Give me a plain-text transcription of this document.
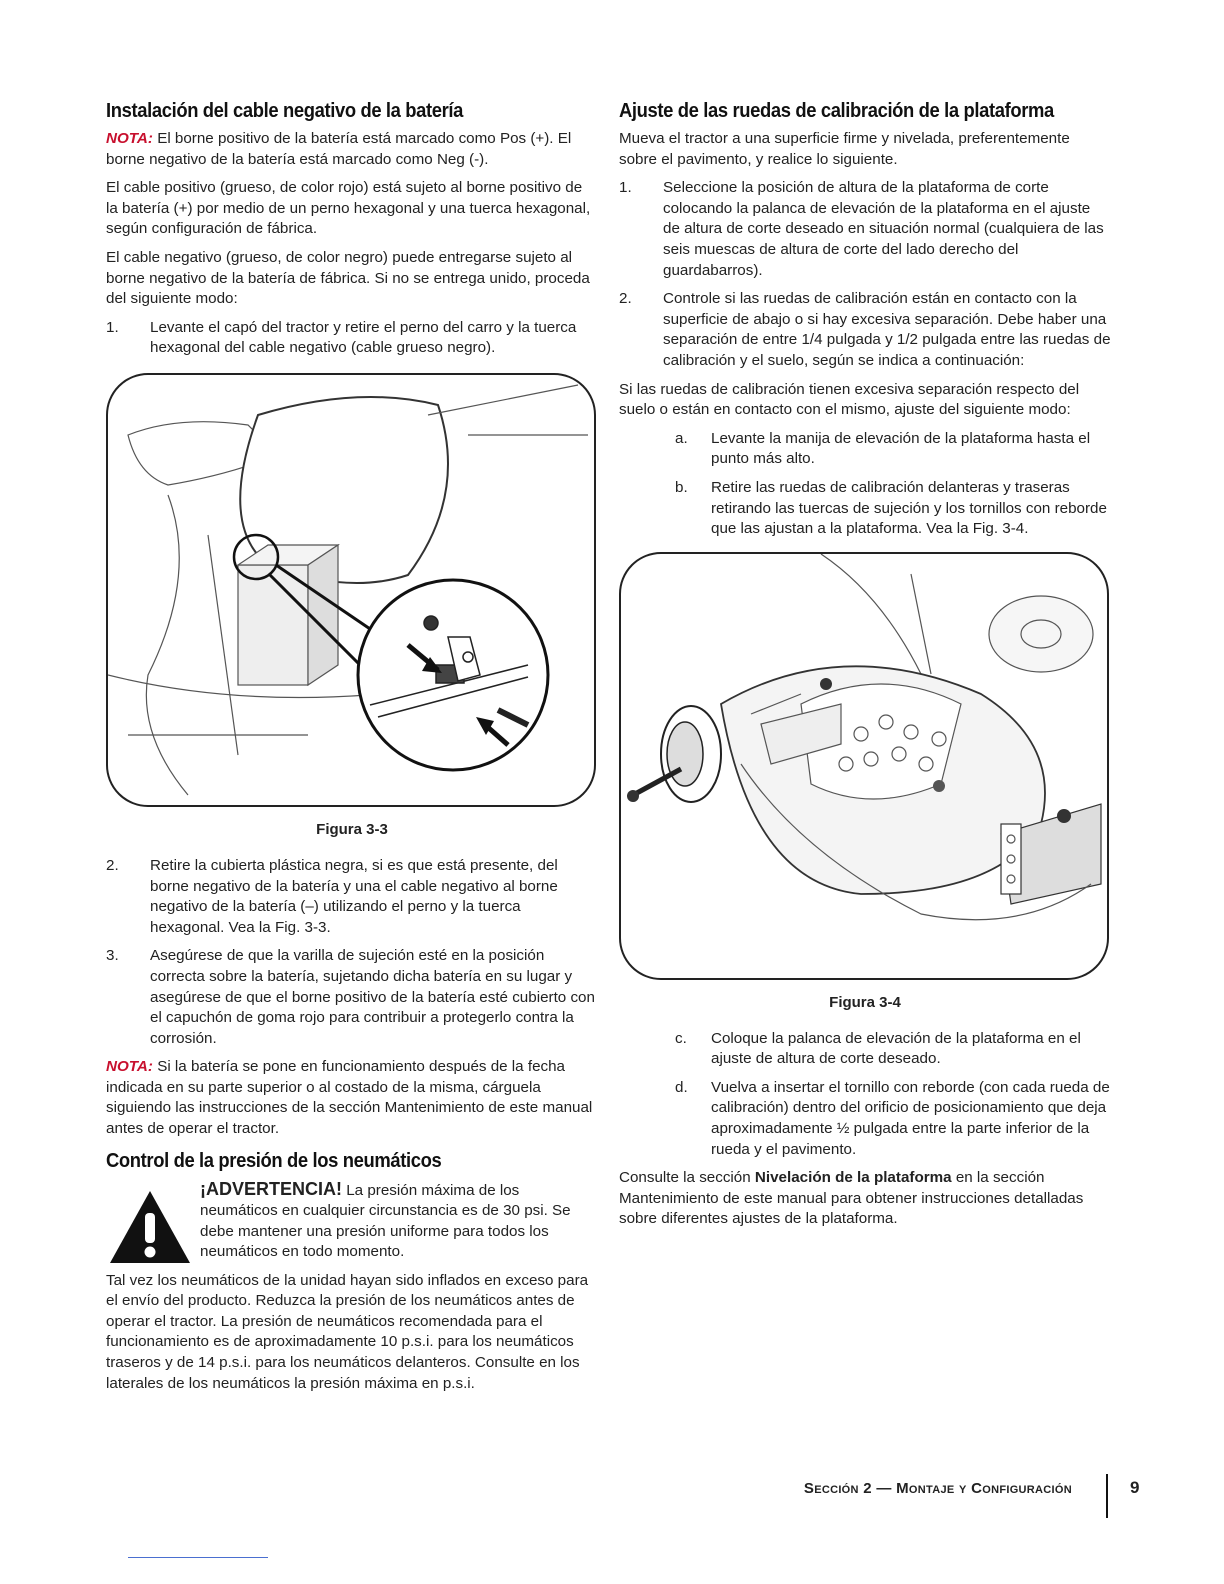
Instalación del cable negativo de la batería

NOTA: El borne positivo de la batería está marcado como Pos (+). El borne negativo de la batería está marcado como Neg (-).

El cable positivo (grueso, de color rojo) está sujeto al borne positivo de la batería (+) por medio de un perno hexagonal y una tuerca hexagonal, según configuración de fábrica.

El cable negativo (grueso, de color negro) puede entregarse sujeto al borne negativo de la batería de fábrica. Si no se entrega unido, proceda del siguiente modo:

1. Levante el capó del tractor y retire el perno del carro y la tuerca hexagonal del cable negativo (cable grueso negro).
Figura 3-3
2. Retire la cubierta plástica negra, si es que está presente, del borne negativo de la batería y una el cable negativo al borne negativo de la batería (–) utilizando el perno y la tuerca hexagonal. Vea la Fig. 3-3.
3. Asegúrese de que la varilla de sujeción esté en la posición correcta sobre la batería, sujetando dicha batería en su lugar y asegúrese de que el borne positivo de la batería esté cubierto con el capuchón de goma rojo para contribuir a protegerlo contra la corrosión.

NOTA: Si la batería se pone en funcionamiento después de la fecha indicada en su parte superior o al costado de la misma, cárguela siguiendo las instrucciones de la sección Mantenimiento de este manual antes de operar el tractor.

Control de la presión de los neumáticos

¡ADVERTENCIA! La presión máxima de los neumáticos en cualquier circunstancia es de 30 psi. Se debe mantener una presión uniforme para todos los neumáticos en todo momento.

Tal vez los neumáticos de la unidad hayan sido inflados en exceso para el envío del producto. Reduzca la presión de los neumáticos antes de operar el tractor. La presión de neumáticos recomendada para el funcionamiento es de aproximadamente 10 p.s.i. para los neumáticos traseros y de 14 p.s.i. para los neumáticos delanteros. Consulte en los laterales de los neumáticos la presión máxima en p.s.i.

Ajuste de las ruedas de calibración de la plataforma

Mueva el tractor a una superficie firme y nivelada, preferentemente sobre el pavimento, y realice lo siguiente.

1. Seleccione la posición de altura de la plataforma de corte colocando la palanca de elevación de la plataforma en el ajuste de altura de corte deseado en situación normal (cualquiera de las seis muescas de altura de corte del lado derecho del guardabarros).
2. Controle si las ruedas de calibración están en contacto con la superficie de abajo o si hay excesiva separación. Debe haber una separación de entre 1/4 pulgada y 1/2 pulgada entre las ruedas de calibración y el suelo, según se indica a continuación:

Si las ruedas de calibración tienen excesiva separación respecto del suelo o están en contacto con el mismo, ajuste del siguiente modo:

a. Levante la manija de elevación de la plataforma hasta el punto más alto.
b. Retire las ruedas de calibración delanteras y traseras retirando las tuercas de sujeción y los tornillos con reborde que las ajustan a la plataforma. Vea la Fig. 3-4.
Figura 3-4
c. Coloque la palanca de elevación de la plataforma en el ajuste de altura de corte deseado.
d. Vuelva a insertar el tornillo con reborde (con cada rueda de calibración) dentro del orificio de posicionamiento que deja aproximadamente ½ pulgada entre la parte inferior de la rueda y el pavimento.

Consulte la sección Nivelación de la plataforma en la sección Mantenimiento de este manual para obtener instrucciones detalladas sobre diferentes ajustes de la plataforma.

Sección 2 — Montaje y Configuración	9
